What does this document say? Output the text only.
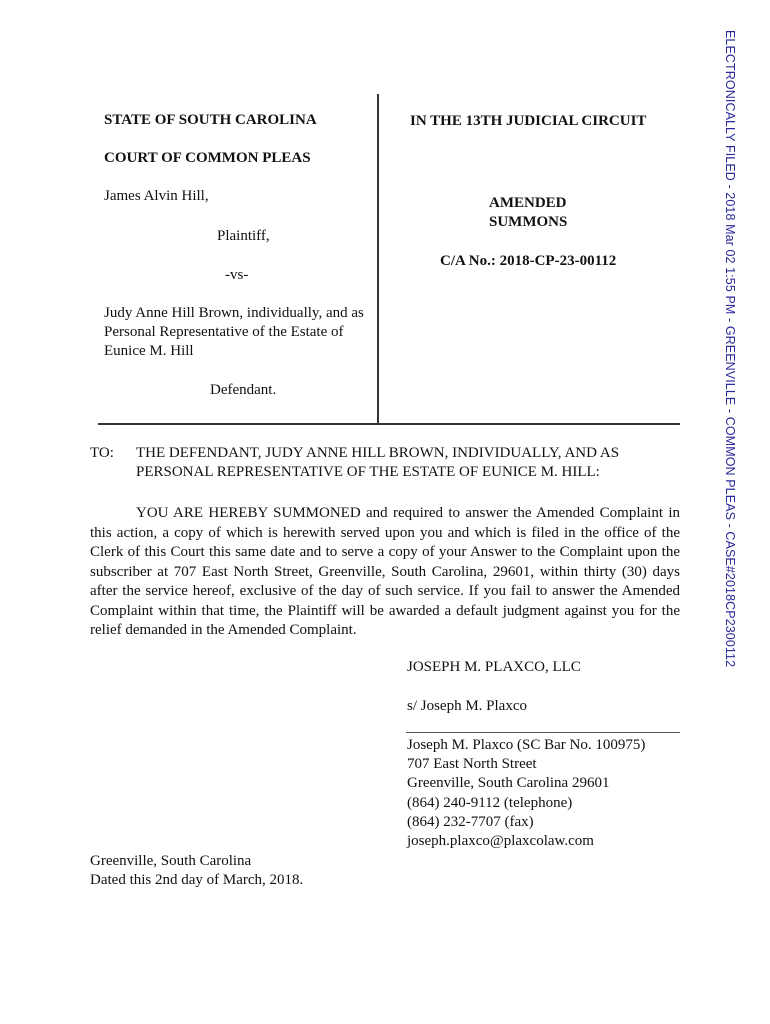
ELECTRONICALLY FILED - 2018 Mar 02 1:55 PM - GREENVILLE - COMMON PLEAS - CASE#2018CP2300112
STATE OF SOUTH CAROLINA
COURT OF COMMON PLEAS
IN THE 13TH JUDICIAL CIRCUIT
James Alvin Hill,
Plaintiff,
-vs-
Judy Anne Hill Brown, individually, and as
Personal Representative of the Estate of
Eunice M. Hill
Defendant.
AMENDED
SUMMONS
C/A No.: 2018-CP-23-00112
TO: THE DEFENDANT, JUDY ANNE HILL BROWN, INDIVIDUALLY, AND AS
PERSONAL REPRESENTATIVE OF THE ESTATE OF EUNICE M. HILL:
YOU ARE HEREBY SUMMONED and required to answer the Amended Complaint in this action, a copy of which is herewith served upon you and which is filed in the office of the Clerk of this Court this same date and to serve a copy of your Answer to the Complaint upon the subscriber at 707 East North Street, Greenville, South Carolina, 29601, within thirty (30) days after the service hereof, exclusive of the day of such service. If you fail to answer the Amended Complaint within that time, the Plaintiff will be awarded a default judgment against you for the relief demanded in the Amended Complaint.
JOSEPH M. PLAXCO, LLC
s/ Joseph M. Plaxco
Joseph M. Plaxco (SC Bar No. 100975)
707 East North Street
Greenville, South Carolina 29601
(864) 240-9112 (telephone)
(864) 232-7707 (fax)
joseph.plaxco@plaxcolaw.com
Greenville, South Carolina
Dated this 2nd day of March, 2018.
